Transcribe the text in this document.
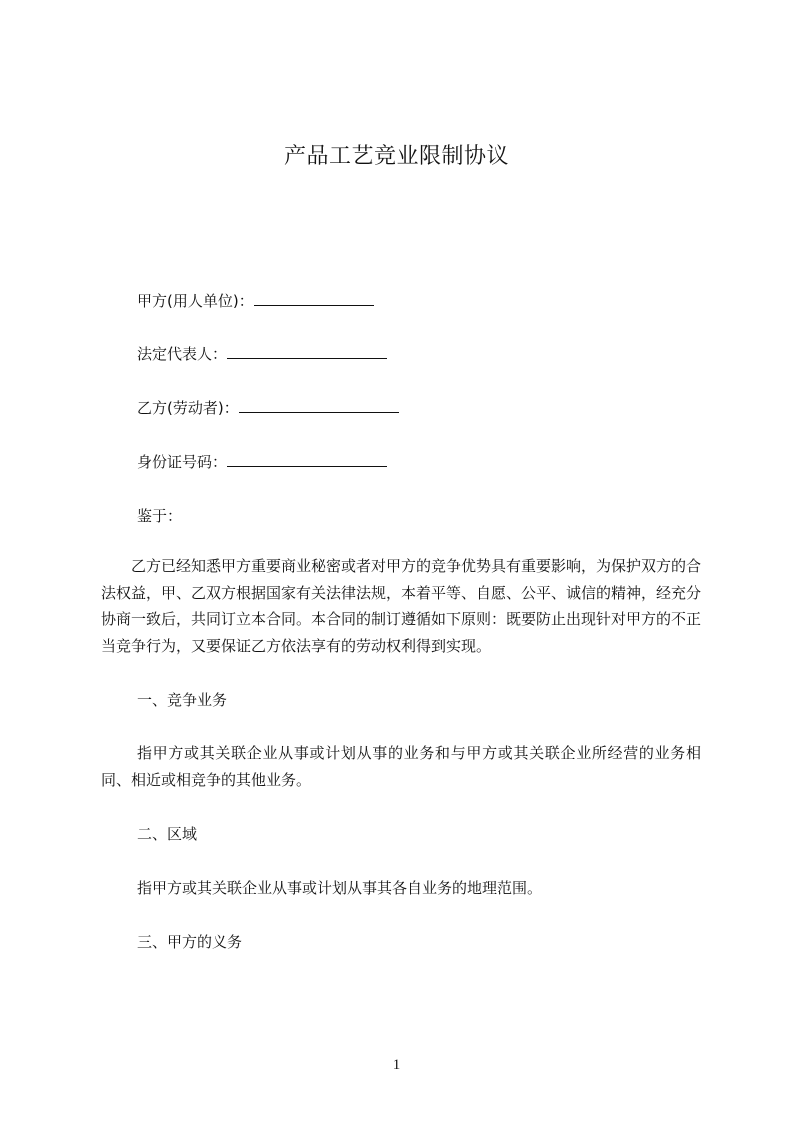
产品工艺竞业限制协议
甲方(用人单位)：
法定代表人：
乙方(劳动者)：
身份证号码：
鉴于：
乙方已经知悉甲方重要商业秘密或者对甲方的竞争优势具有重要影响，为保护双方的合法权益，甲、乙双方根据国家有关法律法规，本着平等、自愿、公平、诚信的精神，经充分协商一致后，共同订立本合同。本合同的制订遵循如下原则：既要防止出现针对甲方的不正当竞争行为，又要保证乙方依法享有的劳动权利得到实现。
一、竞争业务
指甲方或其关联企业从事或计划从事的业务和与甲方或其关联企业所经营的业务相同、相近或相竞争的其他业务。
二、区域
指甲方或其关联企业从事或计划从事其各自业务的地理范围。
三、甲方的义务
1
